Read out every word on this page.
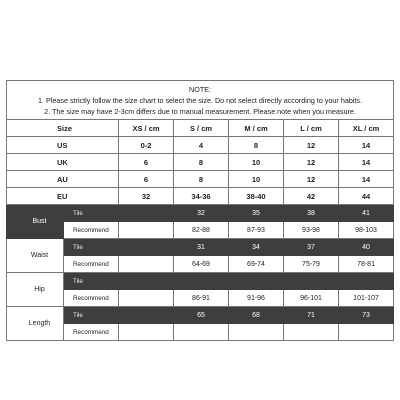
NOTE:
1. Please strictly follow the size chart to select the size. Do not select directly according to your habits.
2. The size may have 2-3cm differs due to manual measurement. Please note when you measure.						

Size		XS / cm	S / cm	M / cm	L / cm	XL / cm
US		0-2	4	8	12	14
UK		6	8	10	12	14
AU		6	8	10	12	14
EU		32	34-36	38-40	42	44
Bust	Tile		32	35	38	41
	Recommend		82-88	87-93	93-98	98-103
Waist	Tile		31	34	37	40
	Recommend		64-69	69-74	75-79	78-81
Hip	Tile					
	Recommend		86-91	91-96	96-101	101-107
Length	Tile		65	68	71	73
	Recommend					
